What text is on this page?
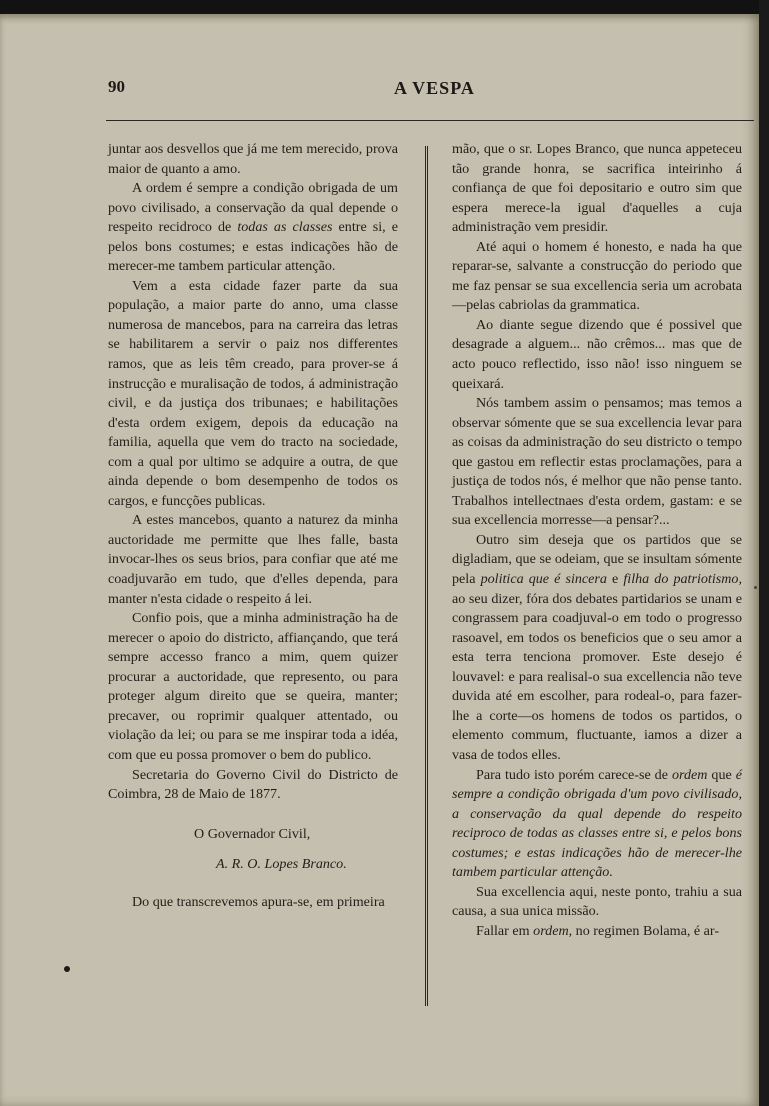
90	A VESPA

juntar aos desvellos que já me tem merecido, prova maior de quanto a amo.

A ordem é sempre a condição obrigada de um povo civilisado, a conservação da qual depende o respeito recidroco de todas as classes entre si, e pelos bons costumes; e estas indicações hão de merecer-me tambem particular attenção.

Vem a esta cidade fazer parte da sua população, a maior parte do anno, uma classe numerosa de mancebos, para na carreira das letras se habilitarem a servir o paiz nos differentes ramos, que as leis têm creado, para prover-se á instrucção e muralisação de todos, á administração civil, e da justiça dos tribunaes; e habilitações d'esta ordem exigem, depois da educação na familia, aquella que vem do tracto na sociedade, com a qual por ultimo se adquire a outra, de que ainda depende o bom desempenho de todos os cargos, e funcções publicas.

A estes mancebos, quanto a naturez da minha auctoridade me permitte que lhes falle, basta invocar-lhes os seus brios, para confiar que até me coadjuvarão em tudo, que d'elles dependa, para manter n'esta cidade o respeito á lei.

Confio pois, que a minha administração ha de merecer o apoio do districto, affiançando, que terá sempre accesso franco a mim, quem quizer procurar a auctoridade, que represento, ou para proteger algum direito que se queira, manter; precaver, ou roprimir qualquer attentado, ou violação da lei; ou para se me inspirar toda a idéa, com que eu possa promover o bem do publico.

Secretaria do Governo Civil do Districto de Coimbra, 28 de Maio de 1877.

O Governador Civil,

A. R. O. Lopes Branco.

Do que transcrevemos apura-se, em primeira

mão, que o sr. Lopes Branco, que nunca appeteceu tão grande honra, se sacrifica inteirinho á confiança de que foi depositario e outro sim que espera merece-la igual d'aquelles a cuja administração vem presidir.

Até aqui o homem é honesto, e nada ha que reparar-se, salvante a construcção do periodo que me faz pensar se sua excellencia seria um acrobata—pelas cabriolas da grammatica.

Ao diante segue dizendo que é possivel que desagrade a alguem... não crêmos... mas que de acto pouco reflectido, isso não! isso ninguem se queixará.

Nós tambem assim o pensamos; mas temos a observar sómente que se sua excellencia levar para as coisas da administração do seu districto o tempo que gastou em reflectir estas proclamações, para a justiça de todos nós, é melhor que não pense tanto. Trabalhos intellectnaes d'esta ordem, gastam: e se sua excellencia morresse—a pensar?...

Outro sim deseja que os partidos que se digladiam, que se odeiam, que se insultam sómente pela politica que é sincera e filha do patriotismo, ao seu dizer, fóra dos debates partidarios se unam e congrassem para coadjuval-o em todo o progresso rasoavel, em todos os beneficios que o seu amor a esta terra tenciona promover. Este desejo é louvavel: e para realisal-o sua excellencia não teve duvida até em escolher, para rodeal-o, para fazer-lhe a corte—os homens de todos os partidos, o elemento commum, fluctuante, iamos a dizer a vasa de todos elles.

Para tudo isto porém carece-se de ordem que é sempre a condição obrigada d'um povo civilisado, a conservação da qual depende do respeito reciproco de todas as classes entre si, e pelos bons costumes; e estas indicações hão de merecer-lhe tambem particular attenção.

Sua excellencia aqui, neste ponto, trahiu a sua causa, a sua unica missão.

Fallar em ordem, no regimen Bolama, é ar-
